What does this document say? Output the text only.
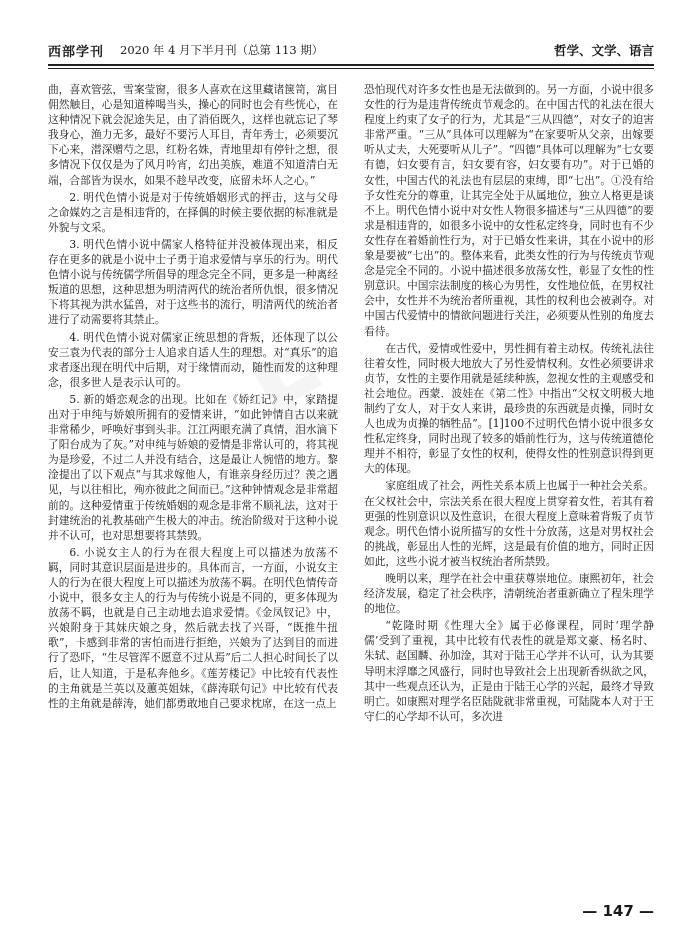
西部学刊 2020 年 4 月下半月刊（总第 113 期）	哲学、文学、语言

曲，喜欢管弦，雪案莹窗，很多人喜欢在这里藏诸箧笥，寓目佣然触目，心是知道棒喝当头，操心的同时也会有些恍心，在这种情况下就会泥途失足，由了消佰既久，这样也就忘记了琴我身心，渔力无多，最好不要污人耳目，青年秀士，必须要沉下心来，潜深赠芍之思，红粉名姝，青地里却有停针之想，很多情况下仅仅是为了风月吟宵，幻出美族，难道不知道清白无端，合部皆为误水，如果不趁早改变，底留未坏人之心。”

2. 明代色情小说是对于传统婚姻形式的抨击，这与父母之命媒妁之言是相违背的，在择偶的时候主要依据的标准就是外貌与文采。

3. 明代色情小说中儒家人格特征并没被体现出来，相反存在更多的就是小说中士子勇于追求爱情与享乐的行为。明代色情小说与传统儒学所倡导的理念完全不同，更多是一种离经叛道的思想，这种思想为明清两代的统治者所仇恨，很多情况下将其视为洪水猛兽，对于这些书的流行，明清两代的统治者进行了动需要将其禁止。

4. 明代色情小说对儒家正统思想的背叛，还体现了以公安三袁为代表的部分士人追求自适人生的理想。对“真乐”的追求者逐出现在明代中后期，对于缘情而动，随性而发的这种理念，很多世人是表示认可的。

5. 新的婚恋观念的出现。比如在《娇红记》中，家踏提出对于申纯与娇娘所拥有的爱情来讲，“如此钟情自古以来就非常稀少，呼唤好事到头非。江江两眼充满了真情，泪水滴下了阳台成为了灰。”对申纯与娇娘的爱情是非常认可的，将其视为是珍爱，不过二人并没有结合，这是最让人惋惜的地方。黎淦提出了以下观点“与其求嫁他人，有谁亲身经历过？羡之遇见，与以往相比，殉亦彼此之间而已。”这种钟情观念是非常超前的。这种爱情重于传统婚姻的观念是非常不顺礼法，这对于封建统治的礼教基础产生极大的冲击。统治阶级对于这种小说并不认可，也对思想要将其禁毁。

6. 小说女主人的行为在很大程度上可以描述为放荡不羁，同时其意识层面是进步的。具体而言，一方面，小说女主人的行为在很大程度上可以描述为放荡不羁。在明代色情传奇小说中，很多女主人的行为与传统小说是不同的，更多体现为放荡不羁，也就是自己主动地去追求爱情。《金凤钗记》中，兴娘附身于其妹庆娘之身，然后就去找了兴哥，“既推牛扭歌”，卡感到非常的害怕而进行拒绝，兴娘为了达到目的而进行了恐吓，“生尽管浑不愿意不过从焉”后二人担心时间长了以后，让人知道，于是私奔他乡。《莲芳楼记》中比较有代表性的主角就是兰英以及蕙英姐妹，《薜涛联句记》中比较有代表性的主角就是薛涛，她们都勇敢地自己要求枕席，在这一点上

恐怕现代对许多女性也是无法做到的。另一方面，小说中很多女性的行为是违背传统贞节观念的。在中国古代的礼法在很大程度上约束了女子的行为，尤其是“三从四德”，对女子的迫害非常严重。“三从”具体可以理解为“在家要听从父亲，出嫁要听从丈夫，大死要听从儿子”。“四德”具体可以理解为“七女要有德，妇女要有言，妇女要有容，妇女要有功”。对于已婚的女性，中国古代的礼法也有层层的束缚，即“七出”。①没有给予女性充分的尊重，让其完全处于从属地位，独立人格更是谈不上。明代色情小说中对女性人物很多描述与“三从四德”的要求是相违背的，如很多小说中的女性私定终身，同时也有不少女性存在着婚前性行为，对于已婚女性来讲，其在小说中的形象是要被“七出”的。整体来看，此类女性的行为与传统贞节观念是完全不同的。小说中描述很多放荡女性，彰显了女性的性别意识。中国宗法制度的核心为男性，女性地位低，在男权社会中，女性并不为统治者所重视，其性的权利也会被剥夺。对中国古代爱情中的情欲问题进行关注，必须要从性别的角度去看待。

在古代，爱情或性爱中，男性拥有着主动权。传统礼法往往着女性，同时极大地放大了另性爱情权利。女性必须要讲求贞节，女性的主要作用就是延续种族，忽视女性的主观感受和社会地位。西蒙．波娃在《第二性》中指出“父权文明极大地制约了女人，对于女人来讲，最珍贵的东西就是贞操，同时女人也成为贞操的牺牲品”。[1]100不过明代色情小说中很多女性私定终身，同时出现了较多的婚前性行为，这与传统道德伦理并不相符，彰显了女性的权利，使得女性的性别意识得到更大的体现。

家庭组成了社会，两性关系本质上也属于一种社会关系。在父权社会中，宗法关系在很大程度上贯穿着女性，若其有着更强的性别意识以及性意识，在很大程度上意味着背叛了贞节观念。明代色情小说所描写的女性十分放荡，这是对男权社会的挑战，彰显出人性的光辉，这是最有价值的地方，同时正因如此，这些小说才被当权统治者所禁毁。

晚明以来，理学在社会中重获尊崇地位。康熙初年，社会经济发展，稳定了社会秩序，清朝统治者重新确立了程朱理学的地位。

“乾隆时期《性理大全》属于必修课程，同时‘理学静儒’受到了重视，其中比较有代表性的就是郑文豪、杨名时、朱轼、赵国麟、孙加淦，其对于陆王心学并不认可，认为其要导明末浮靡之风盛行，同时也导致社会上出现新香纵欲之风，其中一些观点还认为，正是由于陆王心学的兴起，最终才导致明亡。如康熙对理学名臣陆陇就非常重视，可陆陇本人对于王守仁的心学却不认可，多次进

— 147 —
